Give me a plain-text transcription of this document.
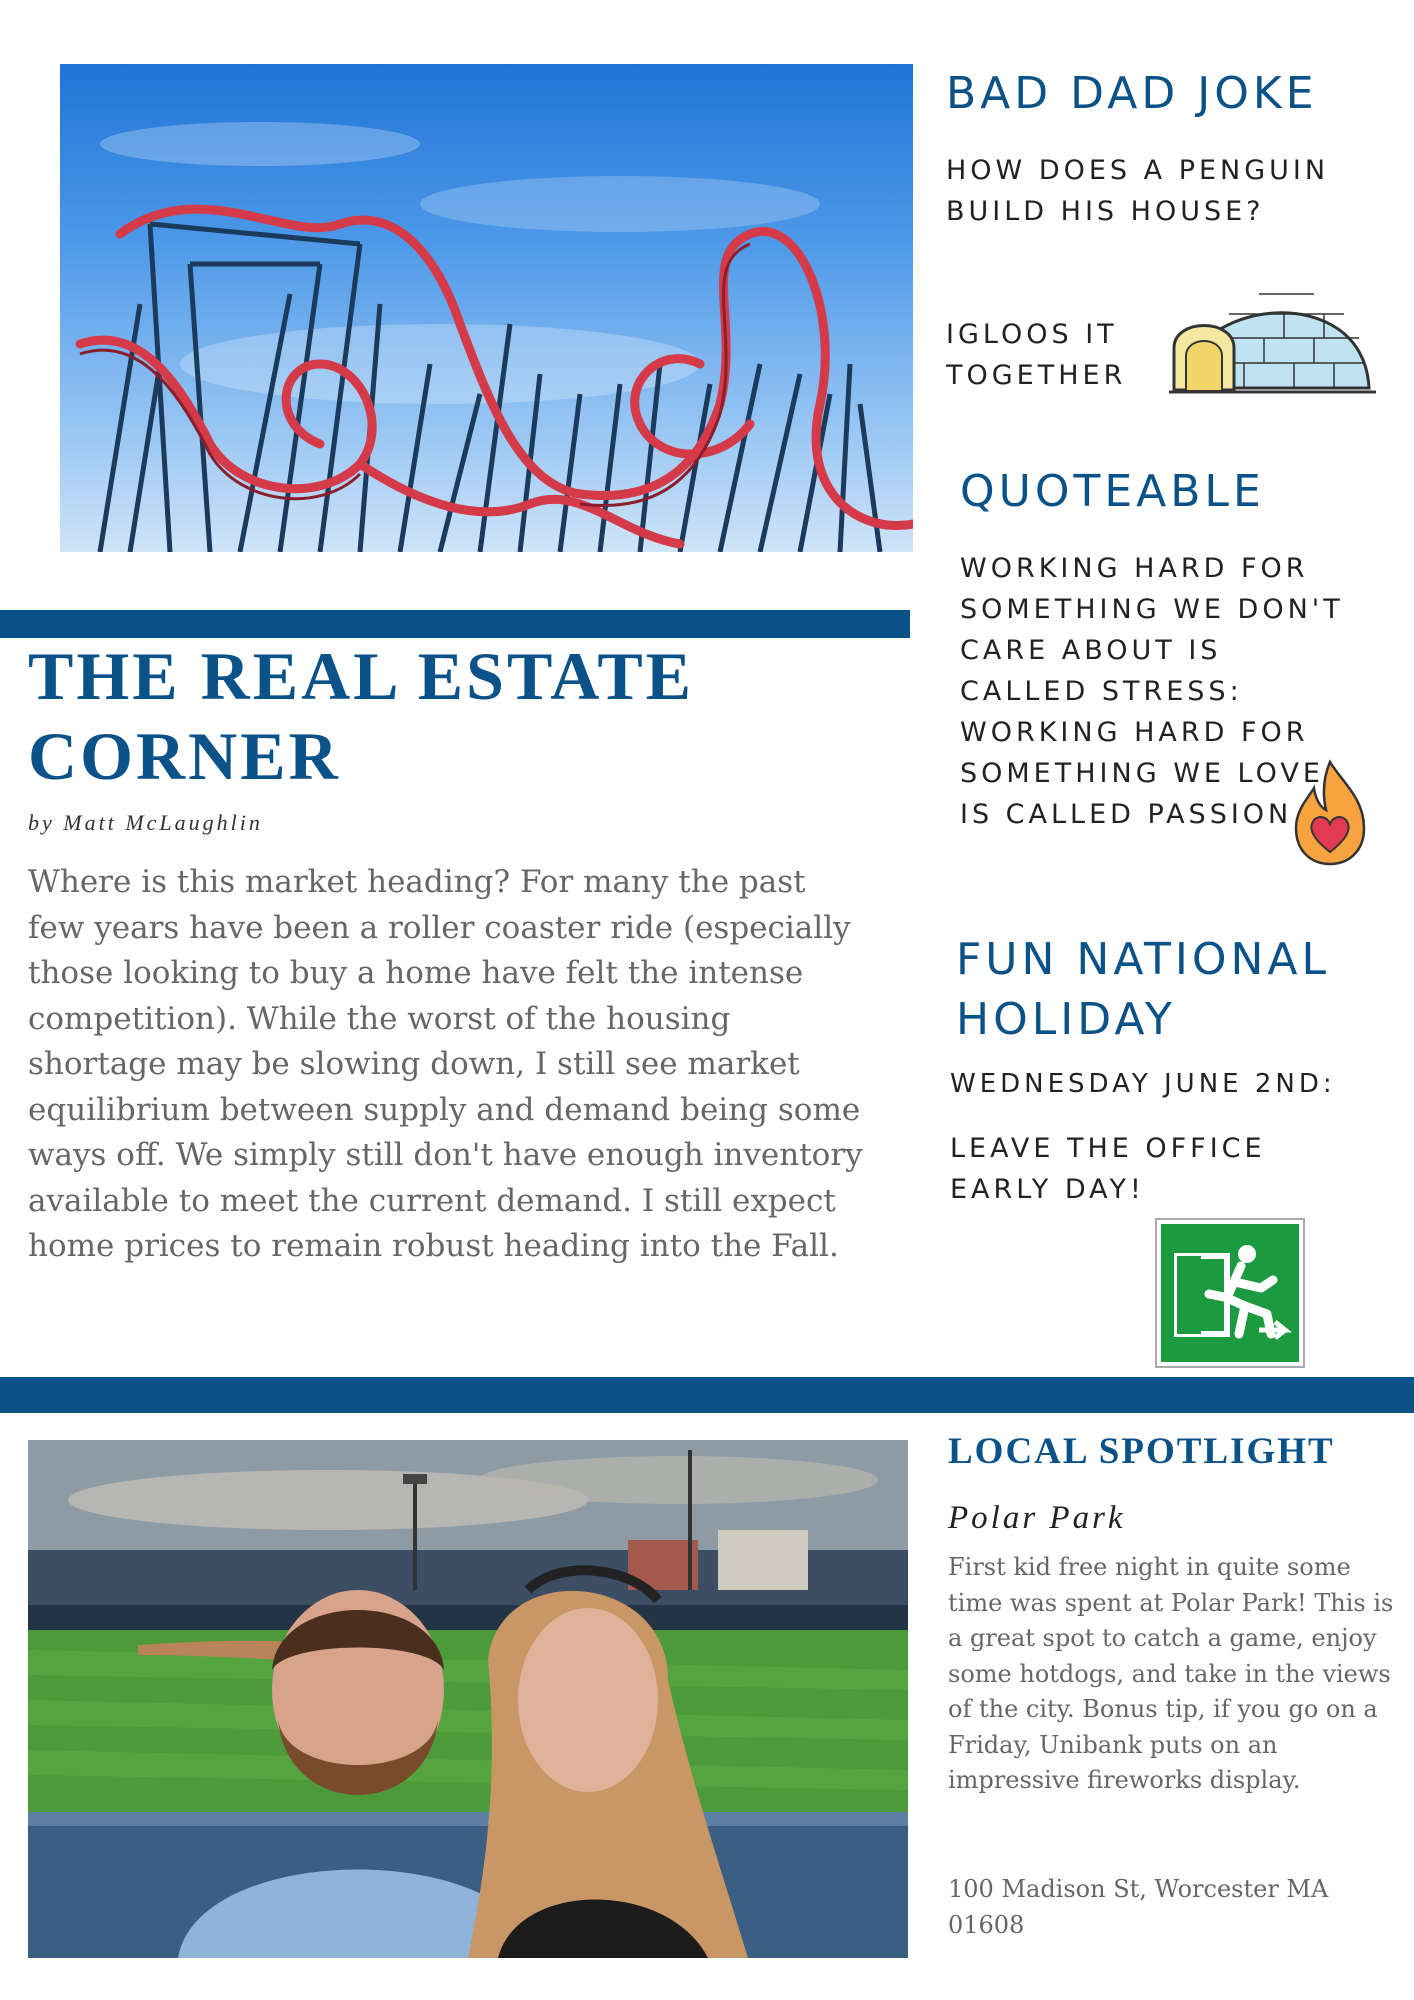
THE REAL ESTATE CORNER

by Matt McLaughlin

Where is this market heading? For many the past few years have been a roller coaster ride (especially those looking to buy a home have felt the intense competition). While the worst of the housing shortage may be slowing down, I still see market equilibrium between supply and demand being some ways off. We simply still don't have enough inventory available to meet the current demand. I still expect home prices to remain robust heading into the Fall.

BAD DAD JOKE

HOW DOES A PENGUIN BUILD HIS HOUSE?

IGLOOS IT TOGETHER

QUOTEABLE

WORKING HARD FOR SOMETHING WE DON'T CARE ABOUT IS CALLED STRESS: WORKING HARD FOR SOMETHING WE LOVE IS CALLED PASSION

FUN NATIONAL HOLIDAY

WEDNESDAY JUNE 2ND:

LEAVE THE OFFICE EARLY DAY!

LOCAL SPOTLIGHT

Polar Park

First kid free night in quite some time was spent at Polar Park! This is a great spot to catch a game, enjoy some hotdogs, and take in the views of the city. Bonus tip, if you go on a Friday, Unibank puts on an impressive fireworks display.

100 Madison St, Worcester MA 01608
